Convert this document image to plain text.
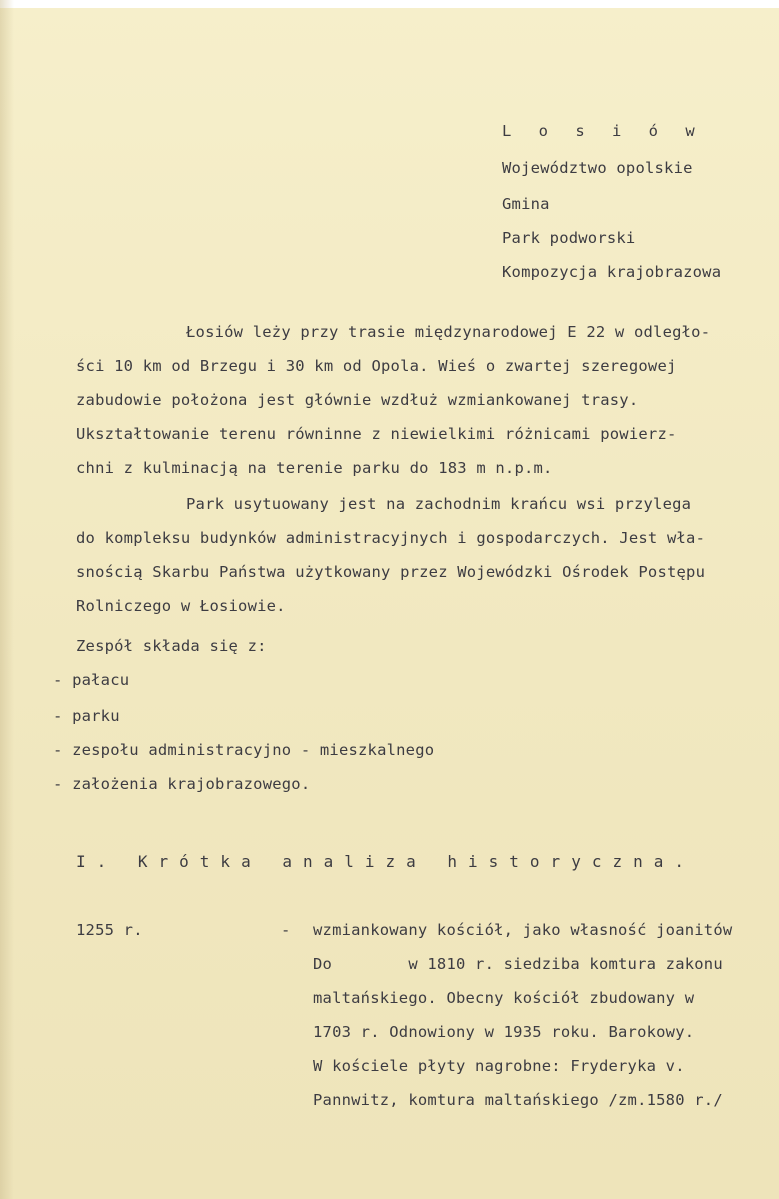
L o s i ó w
Województwo opolskie
Gmina
Park podworski
Kompozycja krajobrazowa
Łosiów leży przy trasie międzynarodowej E 22 w odległo-
ści 10 km od Brzegu i 30 km od Opola. Wieś o zwartej szeregowej
zabudowie położona jest głównie wzdłuż wzmiankowanej trasy.
Ukształtowanie terenu równinne z niewielkimi różnicami powierz-
chni z kulminacją na terenie parku do 183 m n.p.m.
Park usytuowany jest na zachodnim krańcu wsi przylega
do kompleksu budynków administracyjnych i gospodarczych. Jest wła-
snością Skarbu Państwa użytkowany przez Wojewódzki Ośrodek Postępu
Rolniczego w Łosiowie.
Zespół składa się z:
- pałacu
- parku
- zespołu administracyjno - mieszkalnego
- założenia krajobrazowego.
I. Krótka analiza historyczna.
1255 r.	- wzmiankowany kościół, jako własność joanitów
Do        w 1810 r. siedziba komtura zakonu
maltańskiego. Obecny kościół zbudowany w
1703 r. Odnowiony w 1935 roku. Barokowy.
W kościele płyty nagrobne: Fryderyka v.
Pannwitz, komtura maltańskiego /zm.1580 r./
